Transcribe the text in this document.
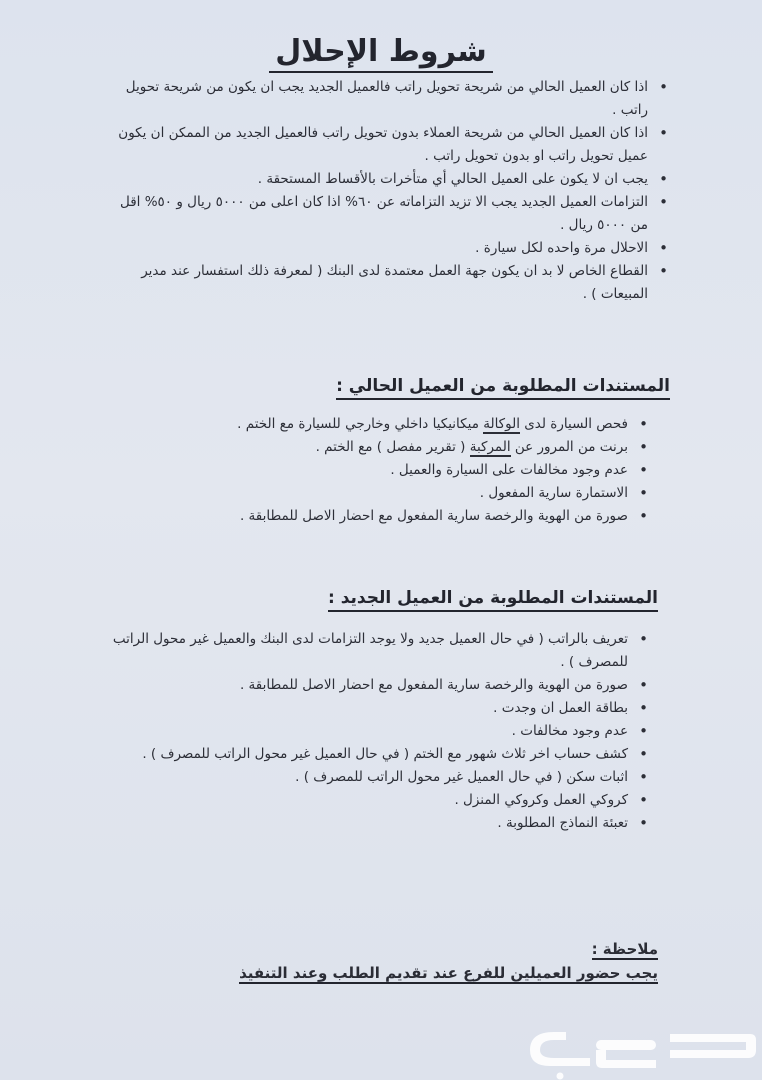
شروط الإحلال
• اذا كان العميل الحالي من شريحة تحويل راتب فالعميل الجديد يجب ان يكون من شريحة تحويل راتب .
• اذا كان العميل الحالي من شريحة العملاء بدون تحويل راتب فالعميل الجديد من الممكن ان يكون عميل تحويل راتب او بدون تحويل راتب .
• يجب ان لا يكون على العميل الحالي أي متأخرات بالأقساط المستحقة .
• التزامات العميل الجديد يجب الا تزيد التزاماته عن ٦٠% اذا كان اعلى من ٥٠٠٠ ريال و ٥٠% اقل من ٥٠٠٠ ريال .
• الاحلال مرة واحده لكل سيارة .
• القطاع الخاص لا بد ان يكون جهة العمل معتمدة لدى البنك ( لمعرفة ذلك استفسار عند مدير المبيعات ) .
المستندات المطلوبة من العميل الحالي :
• فحص السيارة لدى الوكالة ميكانيكيا داخلي وخارجي للسيارة مع الختم .
• برنت من المرور عن المركبة ( تقرير مفصل ) مع الختم .
• عدم وجود مخالفات على السيارة والعميل .
• الاستمارة سارية المفعول .
• صورة من الهوية والرخصة سارية المفعول مع احضار الاصل للمطابقة .
المستندات المطلوبة من العميل الجديد :
• تعريف بالراتب ( في حال العميل جديد ولا يوجد التزامات لدى البنك والعميل غير محول الراتب للمصرف ) .
• صورة من الهوية والرخصة سارية المفعول مع احضار الاصل للمطابقة .
• بطاقة العمل ان وجدت .
• عدم وجود مخالفات .
• كشف حساب اخر ثلاث شهور مع الختم ( في حال العميل غير محول الراتب للمصرف ) .
• اثبات سكن ( في حال العميل غير محول الراتب للمصرف ) .
• كروكي العمل وكروكي المنزل .
• تعبئة النماذج المطلوبة .
ملاحظة :
يجب حضور العميلين للفرع عند تقديم الطلب وعند التنفيذ
